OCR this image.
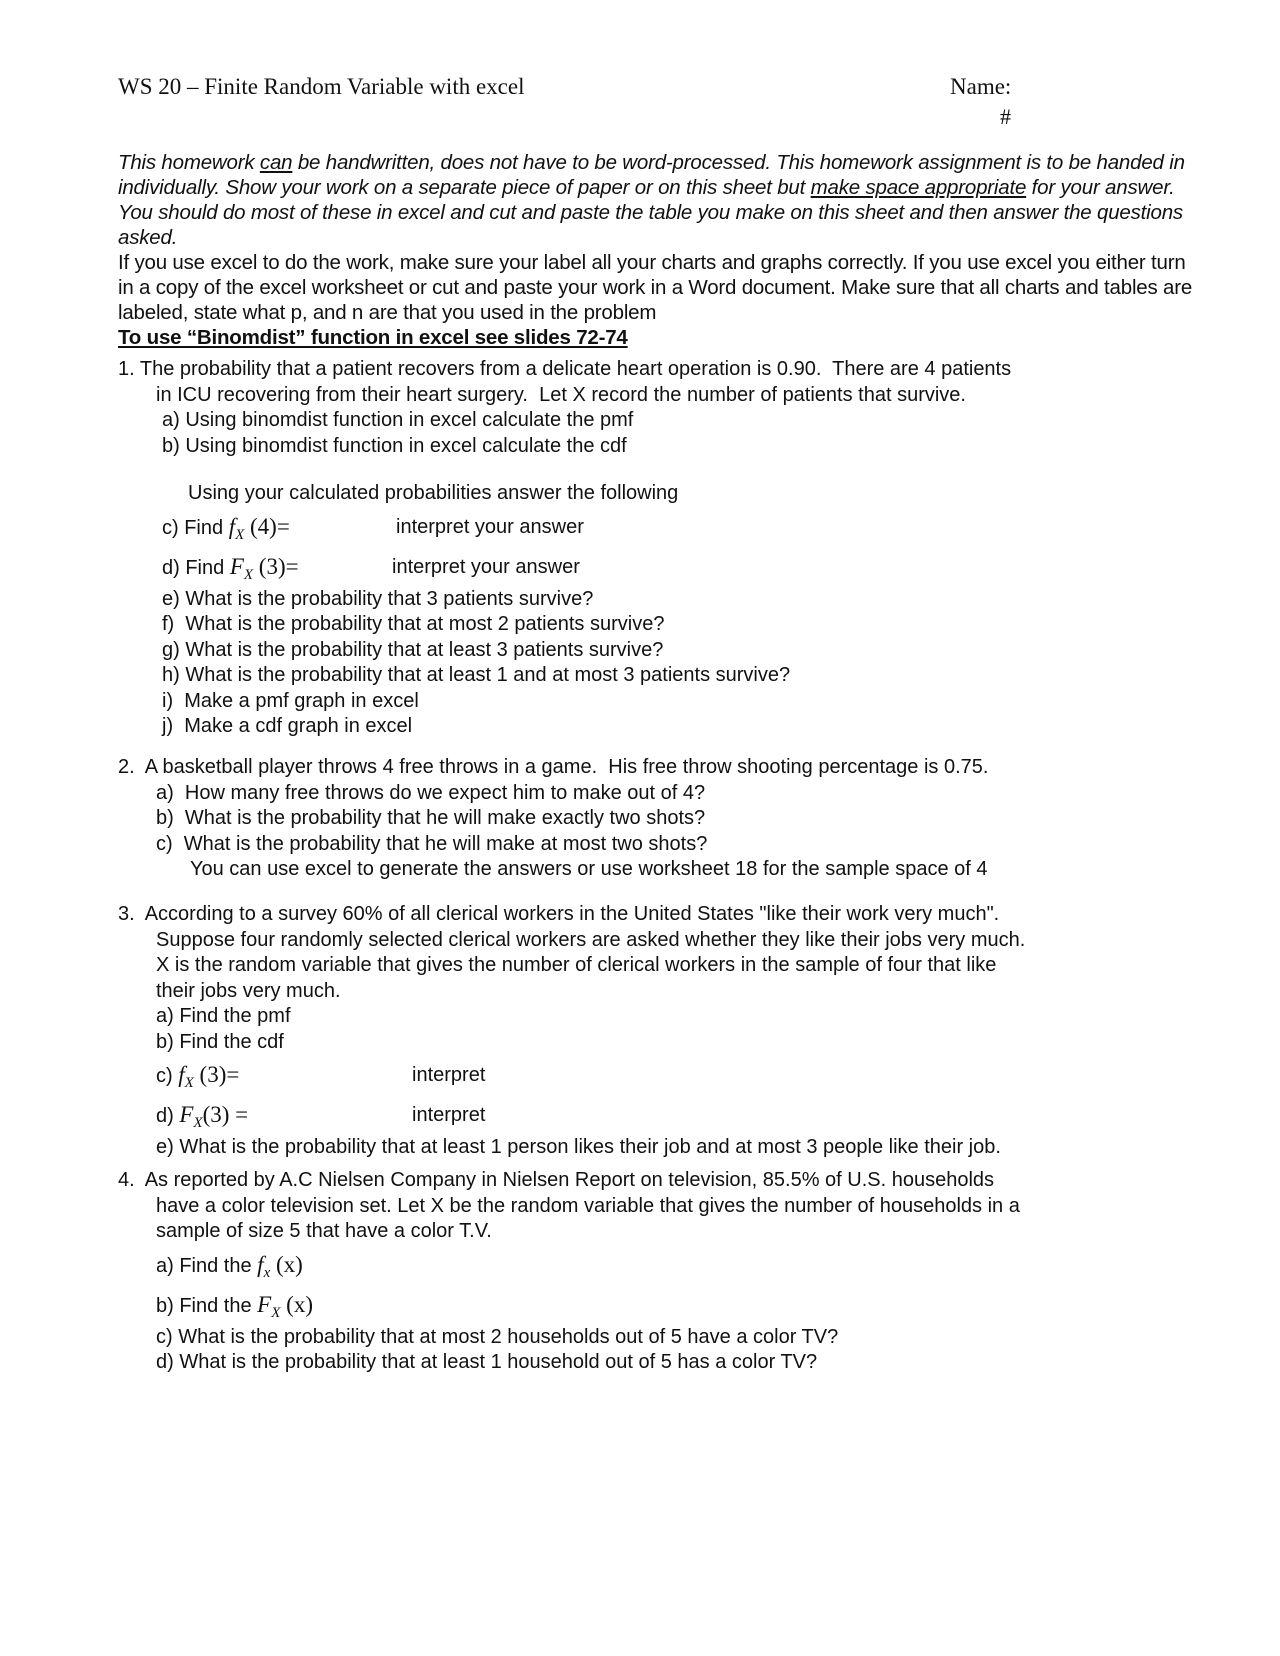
WS 20 – Finite Random Variable with excel	Name:
#
This homework can be handwritten, does not have to be word-processed. This homework assignment is to be handed in individually. Show your work on a separate piece of paper or on this sheet but make space appropriate for your answer. You should do most of these in excel and cut and paste the table you make on this sheet and then answer the questions asked.
If you use excel to do the work, make sure your label all your charts and graphs correctly. If you use excel you either turn in a copy of the excel worksheet or cut and paste your work in a Word document. Make sure that all charts and tables are labeled, state what p, and n are that you used in the problem
To use “Binomdist” function in excel see slides 72-74
1. The probability that a patient recovers from a delicate heart operation is 0.90.  There are 4 patients
in ICU recovering from their heart surgery.  Let X record the number of patients that survive.
a) Using binomdist function in excel calculate the pmf
b) Using binomdist function in excel calculate the cdf
Using your calculated probabilities answer the following
c) Find $f_X$ (4)=	interpret your answer
d) Find $F_X$ (3)=	interpret your answer
e) What is the probability that 3 patients survive?
f)  What is the probability that at most 2 patients survive?
g) What is the probability that at least 3 patients survive?
h) What is the probability that at least 1 and at most 3 patients survive?
i)  Make a pmf graph in excel
j)  Make a cdf graph in excel
2.  A basketball player throws 4 free throws in a game.  His free throw shooting percentage is 0.75.
a)  How many free throws do we expect him to make out of 4?
b)  What is the probability that he will make exactly two shots?
c)  What is the probability that he will make at most two shots?
You can use excel to generate the answers or use worksheet 18 for the sample space of 4
3.  According to a survey 60% of all clerical workers in the United States "like their work very much".
Suppose four randomly selected clerical workers are asked whether they like their jobs very much.
X is the random variable that gives the number of clerical workers in the sample of four that like
their jobs very much.
a) Find the pmf
b) Find the cdf
c) $f_X$ (3)=	interpret
d) $F_X(3)$ =	interpret
e) What is the probability that at least 1 person likes their job and at most 3 people like their job.
4.  As reported by A.C Nielsen Company in Nielsen Report on television, 85.5% of U.S. households
have a color television set. Let X be the random variable that gives the number of households in a
sample of size 5 that have a color T.V.
a) Find the $f_x$ (x)
b) Find the $F_X$ (x)
c) What is the probability that at most 2 households out of 5 have a color TV?
d) What is the probability that at least 1 household out of 5 has a color TV?
